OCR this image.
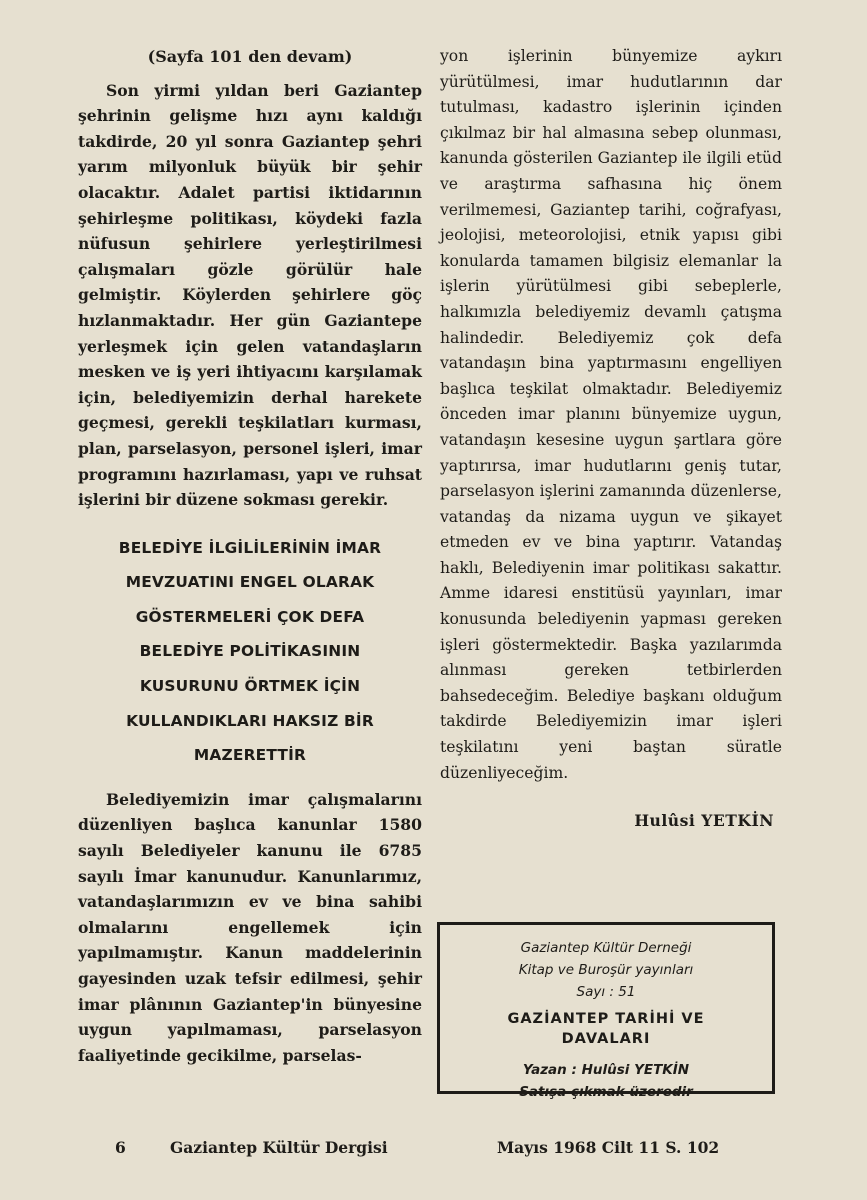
(Sayfa 101 den devam)

Son yirmi yıldan beri Gaziantep şehrinin gelişme hızı aynı kaldığı takdirde, 20 yıl sonra Gaziantep şehri yarım milyonluk büyük bir şehir olacaktır. Adalet partisi iktidarının şehirleşme politikası, köydeki fazla nüfusun şehirlere yerleştirilmesi çalışmaları gözle görülür hale gelmiştir. Köylerden şehirlere göç hızlanmaktadır. Her gün Gaziantepe yerleşmek için gelen vatandaşların mesken ve iş yeri ihtiyacını karşılamak için, belediyemizin derhal harekete geçmesi, gerekli teşkilatları kurması, plan, parselasyon, personel işleri, imar programını hazırlaması, yapı ve ruhsat işlerini bir düzene sokması gerekir.

BELEDİYE İLGİLİLERİNİN İMAR
MEVZUATINI ENGEL OLARAK
GÖSTERMELERİ ÇOK DEFA
BELEDİYE POLİTİKASININ
KUSURUNU ÖRTMEK İÇİN
KULLANDIKLARI HAKSIZ BİR
MAZERETTİR

Belediyemizin imar çalışmalarını düzenliyen başlıca kanunlar 1580 sayılı Belediyeler kanunu ile 6785 sayılı İmar kanunudur. Kanunlarımız, vatandaşlarımızın ev ve bina sahibi olmalarını engellemek için yapılmamıştır. Kanun maddelerinin gayesinden uzak tefsir edilmesi, şehir imar plânının Gaziantep'in bünyesine uygun yapılmaması, parselasyon faaliyetinde gecikilme, parselas-

yon işlerinin bünyemize aykırı yürütülmesi, imar hudutlarının dar tutulması, kadastro işlerinin içinden çıkılmaz bir hal almasına sebep olunması, kanunda gösterilen Gaziantep ile ilgili etüd ve araştırma safhasına hiç önem verilmemesi, Gaziantep tarihi, coğrafyası, jeolojisi, meteorolojisi, etnik yapısı gibi konularda tamamen bilgisiz elemanlar la işlerin yürütülmesi gibi sebeplerle, halkımızla belediyemiz devamlı çatışma halindedir. Belediyemiz çok defa vatandaşın bina yaptırmasını engelliyen başlıca teşkilat olmaktadır. Belediyemiz önceden imar planını bünyemize uygun, vatandaşın kesesine uygun şartlara göre yaptırırsa, imar hudutlarını geniş tutar, parselasyon işlerini zamanında düzenlerse, vatandaş da nizama uygun ve şikayet etmeden ev ve bina yaptırır. Vatandaş haklı, Belediyenin imar politikası sakattır. Amme idaresi enstitüsü yayınları, imar konusunda belediyenin yapması gereken işleri göstermektedir. Başka yazılarımda alınması gereken tetbirlerden bahsedeceğim. Belediye başkanı olduğum takdirde Belediyemizin imar işleri teşkilatını yeni baştan süratle düzenliyeceğim.

Hulûsi YETKİN
Gaziantep Kültür Derneği
Kitap ve Buroşür yayınları
Sayı : 51
GAZİANTEP TARİHİ VE
DAVALARI
Yazan : Hulûsi YETKİN
Satışa çıkmak üzeredir
6	Gaziantep Kültür Dergisi	Mayıs 1968 Cilt 11 S. 102
